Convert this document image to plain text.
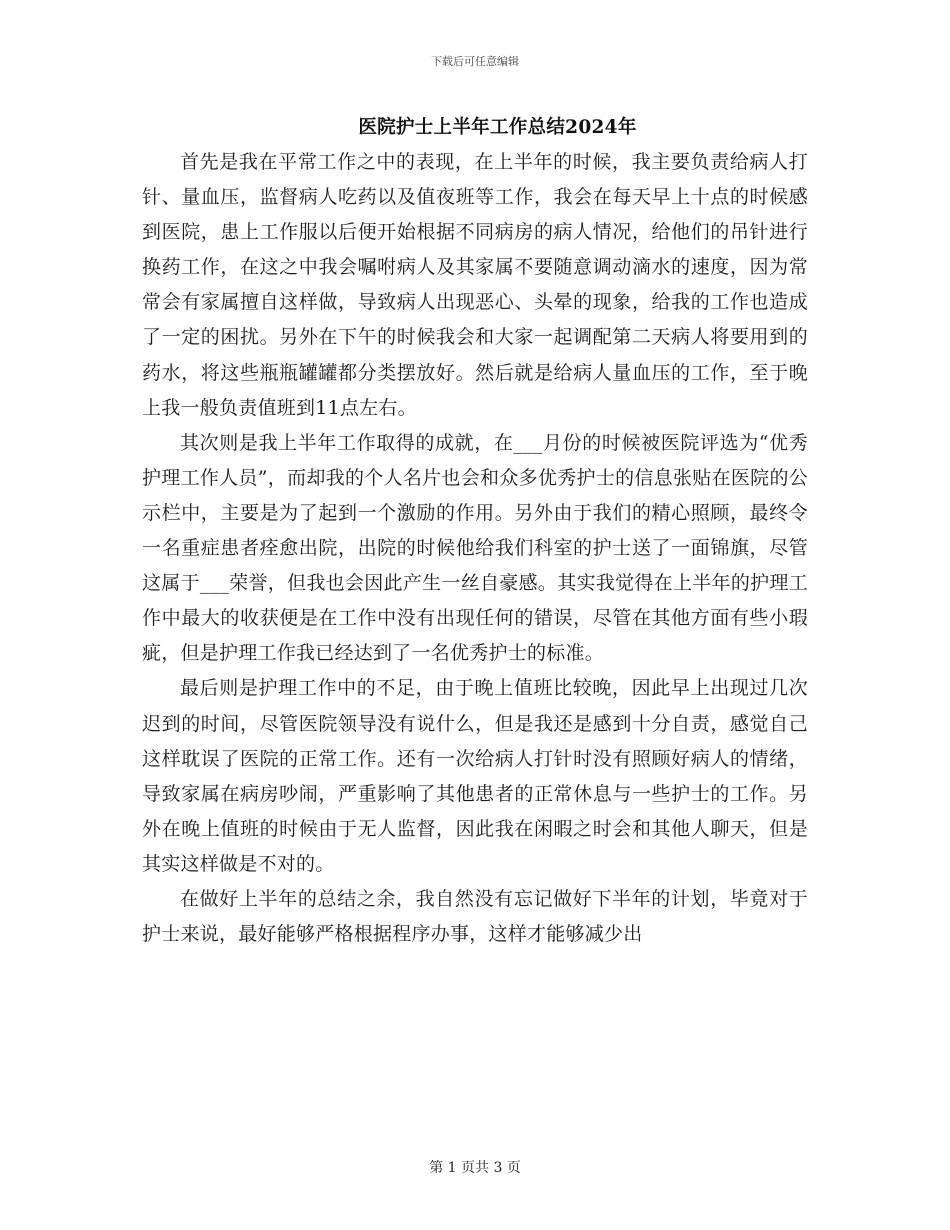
下载后可任意编辑
医院护士上半年工作总结2024年

首先是我在平常工作之中的表现，在上半年的时候，我主要负责给病人打针、量血压，监督病人吃药以及值夜班等工作，我会在每天早上十点的时候感到医院，患上工作服以后便开始根据不同病房的病人情况，给他们的吊针进行换药工作，在这之中我会嘱咐病人及其家属不要随意调动滴水的速度，因为常常会有家属擅自这样做，导致病人出现恶心、头晕的现象，给我的工作也造成了一定的困扰。另外在下午的时候我会和大家一起调配第二天病人将要用到的药水，将这些瓶瓶罐罐都分类摆放好。然后就是给病人量血压的工作，至于晚上我一般负责值班到11点左右。

其次则是我上半年工作取得的成就，在___月份的时候被医院评选为“优秀护理工作人员”，而却我的个人名片也会和众多优秀护士的信息张贴在医院的公示栏中，主要是为了起到一个激励的作用。另外由于我们的精心照顾，最终令一名重症患者痊愈出院，出院的时候他给我们科室的护士送了一面锦旗，尽管这属于___荣誉，但我也会因此产生一丝自豪感。其实我觉得在上半年的护理工作中最大的收获便是在工作中没有出现任何的错误，尽管在其他方面有些小瑕疵，但是护理工作我已经达到了一名优秀护士的标准。

最后则是护理工作中的不足，由于晚上值班比较晚，因此早上出现过几次迟到的时间，尽管医院领导没有说什么，但是我还是感到十分自责，感觉自己这样耽误了医院的正常工作。还有一次给病人打针时没有照顾好病人的情绪，导致家属在病房吵闹，严重影响了其他患者的正常休息与一些护士的工作。另外在晚上值班的时候由于无人监督，因此我在闲暇之时会和其他人聊天，但是其实这样做是不对的。

在做好上半年的总结之余，我自然没有忘记做好下半年的计划，毕竟对于护士来说，最好能够严格根据程序办事，这样才能够减少出

第 1 页共 3 页
